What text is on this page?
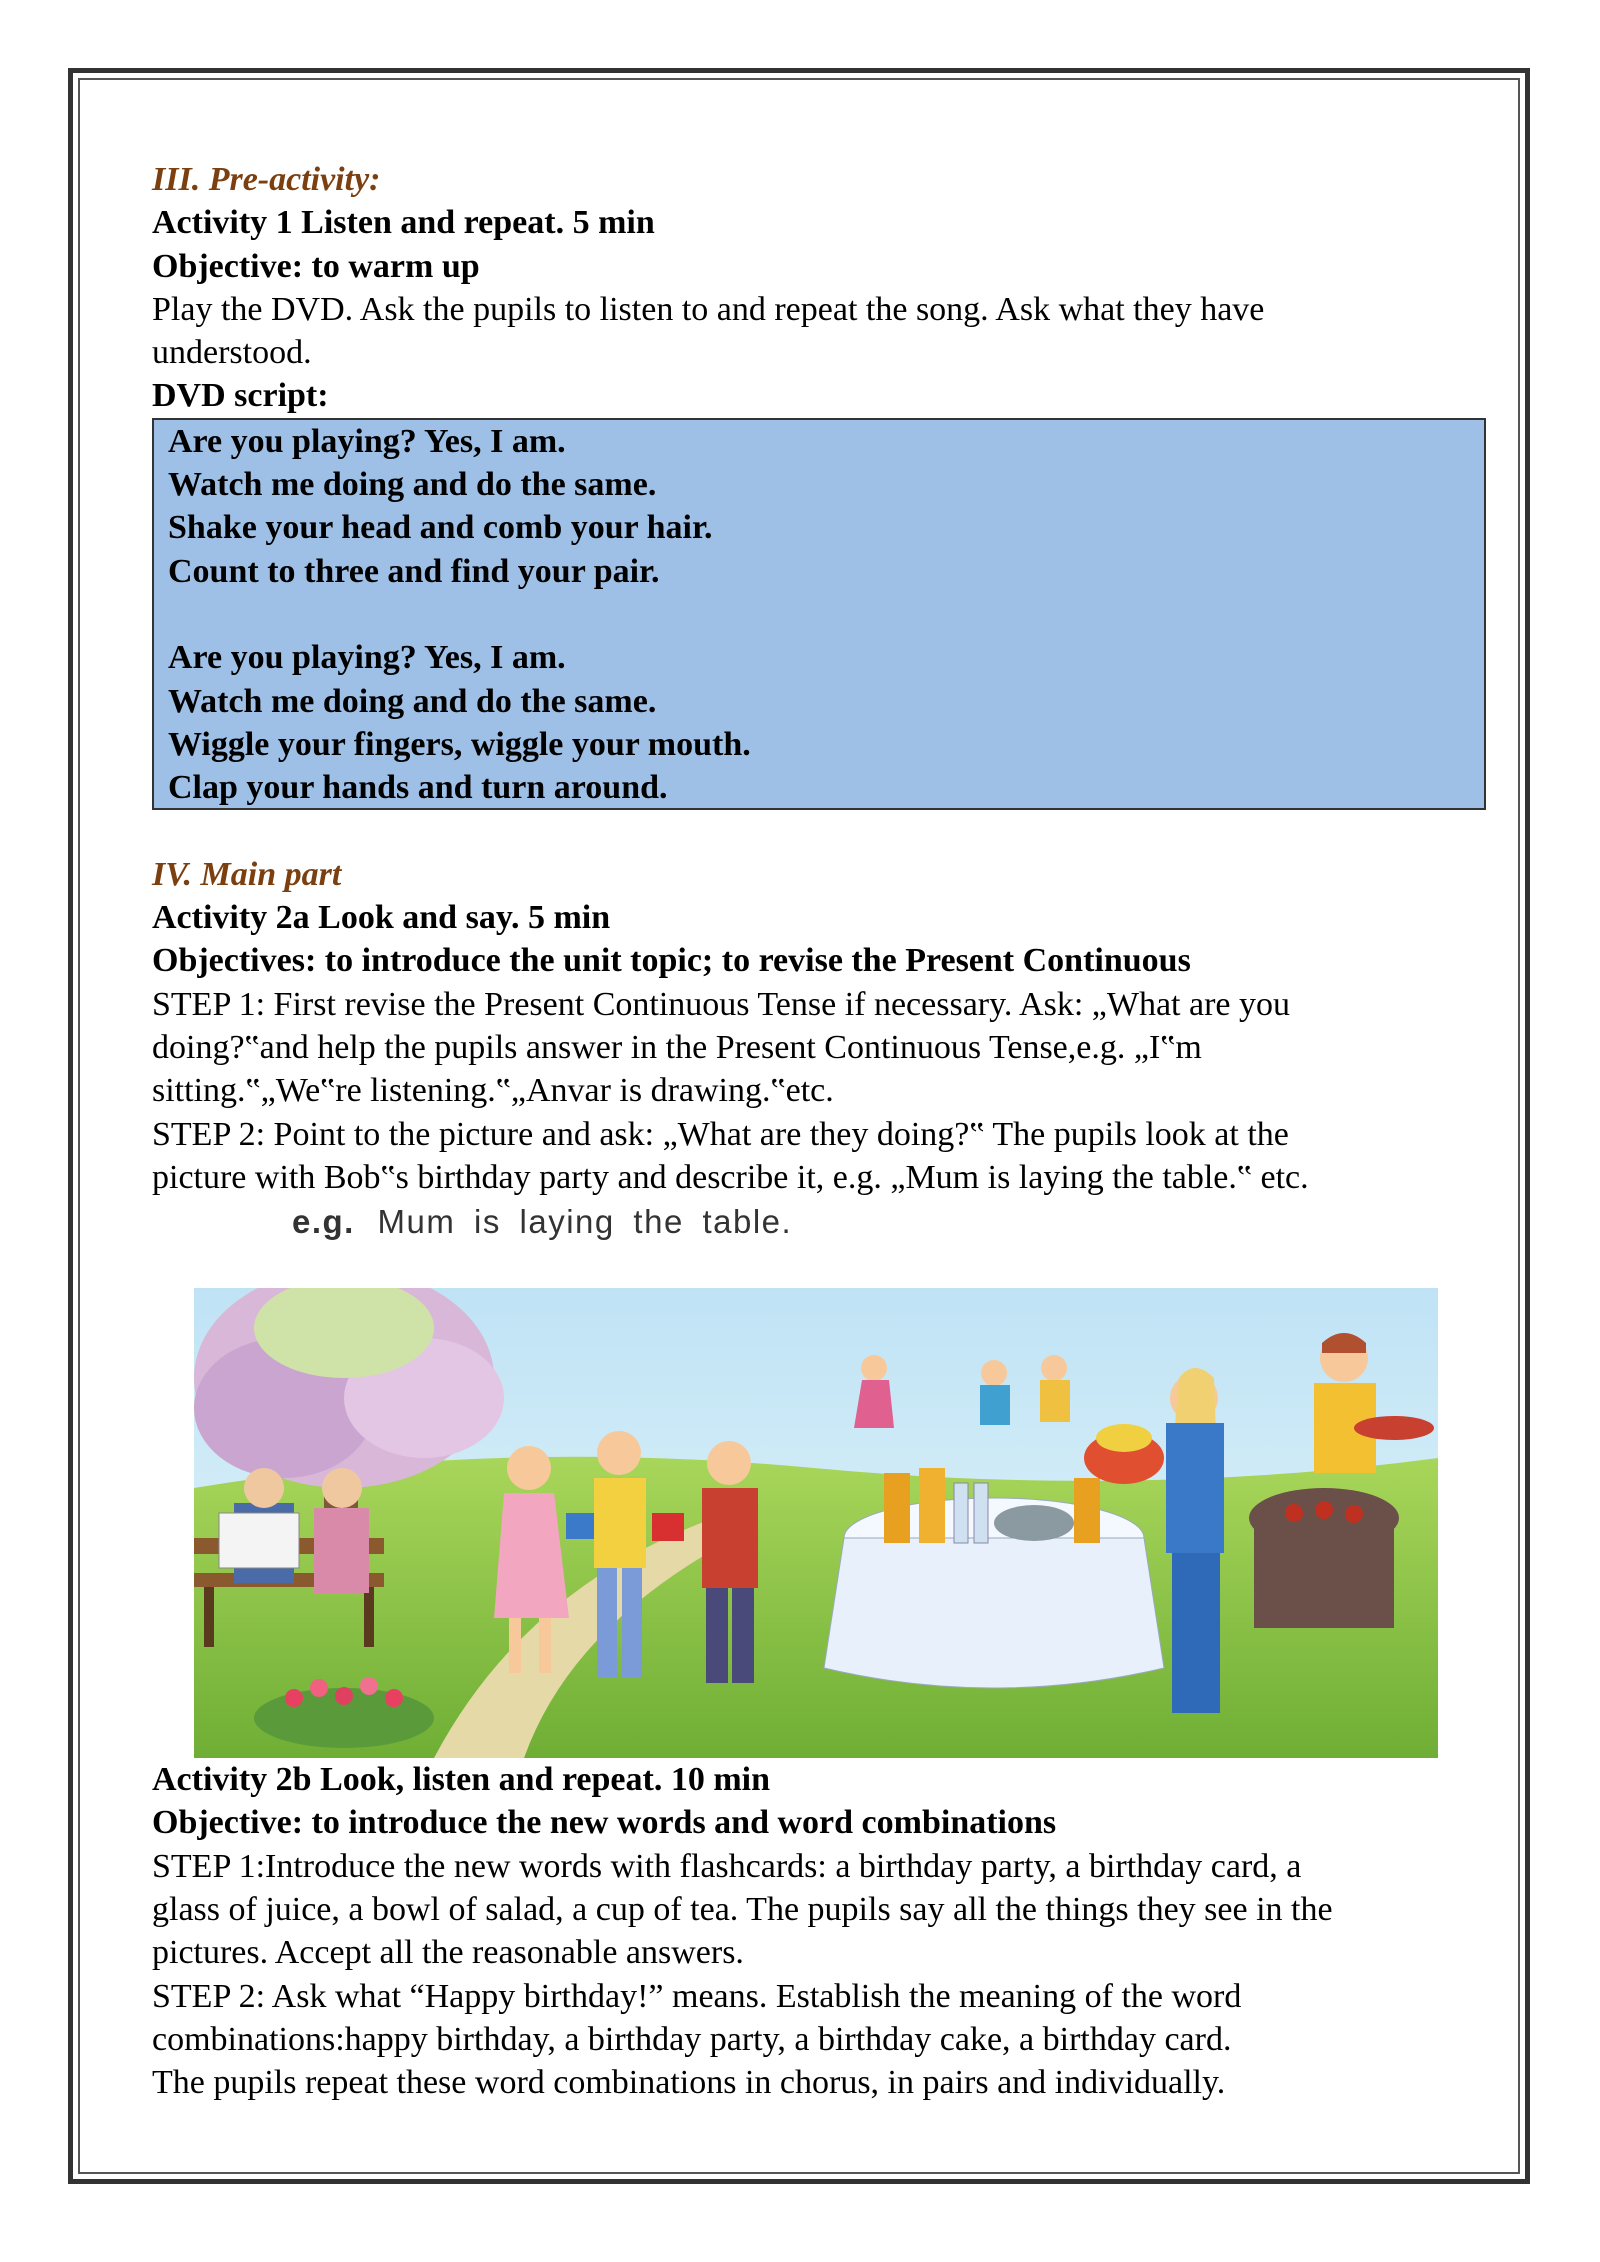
III. Pre-activity:
Activity 1 Listen and repeat. 5 min
Objective: to warm up
Play the DVD. Ask the pupils to listen to and repeat the song. Ask what they have
understood.
DVD script:
Are you playing? Yes, I am.
Watch me doing and do the same.
Shake your head and comb your hair.
Count to three and find your pair.
Are you playing? Yes, I am.
Watch me doing and do the same.
Wiggle your fingers, wiggle your mouth.
Clap your hands and turn around.
IV. Main part
Activity 2a Look and say. 5 min
Objectives: to introduce the unit topic; to revise the Present Continuous
STEP 1: First revise the Present Continuous Tense if necessary. Ask: „What are you
doing?‟and help the pupils answer in the Present Continuous Tense,e.g. „I‟m
sitting.‟„We‟re listening.‟„Anvar is drawing.‟etc.
STEP 2: Point to the picture and ask: „What are they doing?‟ The pupils look at the
picture with Bob‟s birthday party and describe it, e.g. „Mum is laying the table.‟ etc.
e.g. Mum is laying the table.
Activity 2b Look, listen and repeat. 10 min
Objective: to introduce the new words and word combinations
STEP 1:Introduce the new words with flashcards: a birthday party, a birthday card, a
glass of juice, a bowl of salad, a cup of tea. The pupils say all the things they see in the
pictures. Accept all the reasonable answers.
STEP 2: Ask what “Happy birthday!” means. Establish the meaning of the word
combinations:happy birthday, a birthday party, a birthday cake, a birthday card.
The pupils repeat these word combinations in chorus, in pairs and individually.
